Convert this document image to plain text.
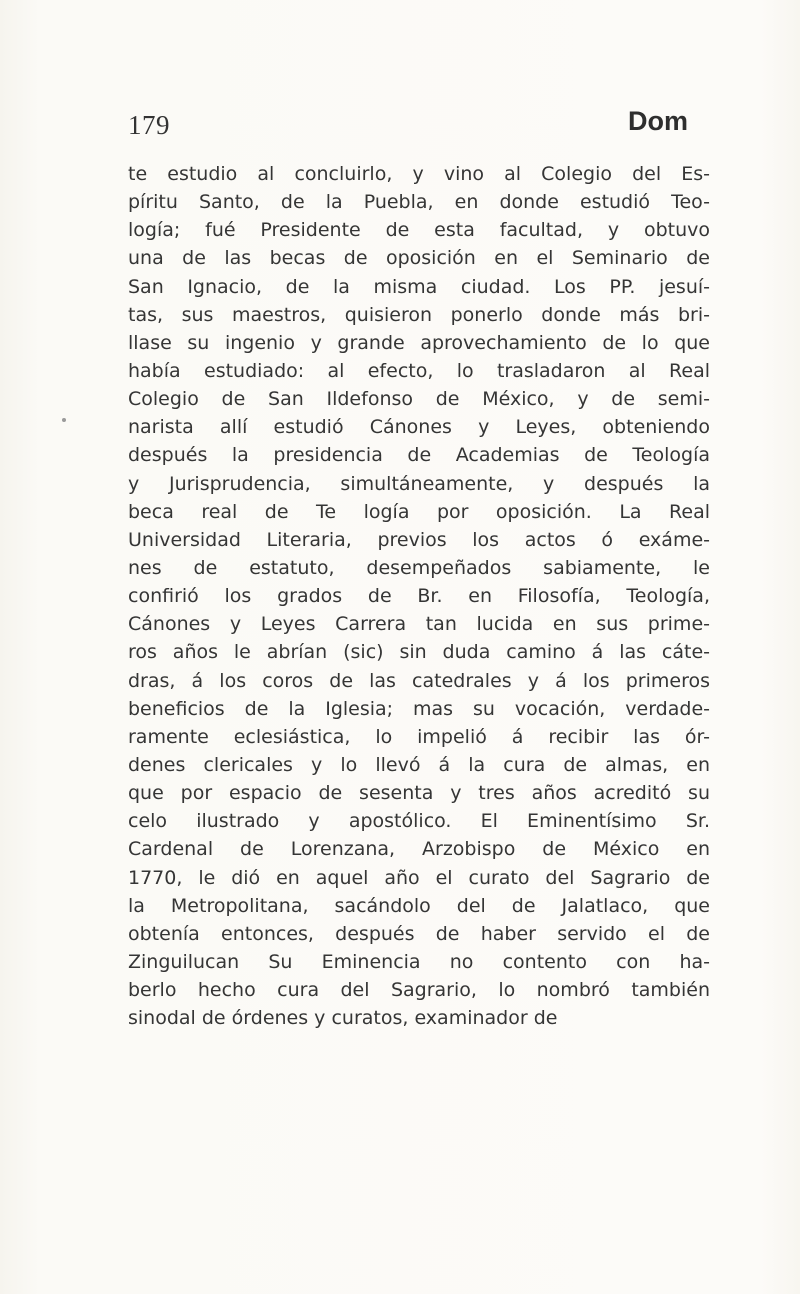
179	Dom
te estudio al concluirlo, y vino al Colegio del Es-
píritu Santo, de la Puebla, en donde estudió Teo-
logía; fué Presidente de esta facultad, y obtuvo
una de las becas de oposición en el Seminario de
San Ignacio, de la misma ciudad. Los PP. jesuí-
tas, sus maestros, quisieron ponerlo donde más bri-
llase su ingenio y grande aprovechamiento de lo que
había estudiado: al efecto, lo trasladaron al Real
Colegio de San Ildefonso de México, y de semi-
narista allí estudió Cánones y Leyes, obteniendo
después la presidencia de Academias de Teología
y Jurisprudencia, simultáneamente, y después la
beca real de Te logía por oposición. La Real
Universidad Literaria, previos los actos ó exáme-
nes de estatuto, desempeñados sabiamente, le
confirió los grados de Br. en Filosofía, Teología,
Cánones y Leyes Carrera tan lucida en sus prime-
ros años le abrían (sic) sin duda camino á las cáte-
dras, á los coros de las catedrales y á los primeros
beneficios de la Iglesia; mas su vocación, verdade-
ramente eclesiástica, lo impelió á recibir las ór-
denes clericales y lo llevó á la cura de almas, en
que por espacio de sesenta y tres años acreditó su
celo ilustrado y apostólico. El Eminentísimo Sr.
Cardenal de Lorenzana, Arzobispo de México en
1770, le dió en aquel año el curato del Sagrario de
la Metropolitana, sacándolo del de Jalatlaco, que
obtenía entonces, después de haber servido el de
Zinguilucan Su Eminencia no contento con ha-
berlo hecho cura del Sagrario, lo nombró también
sinodal de órdenes y curatos, examinador de
